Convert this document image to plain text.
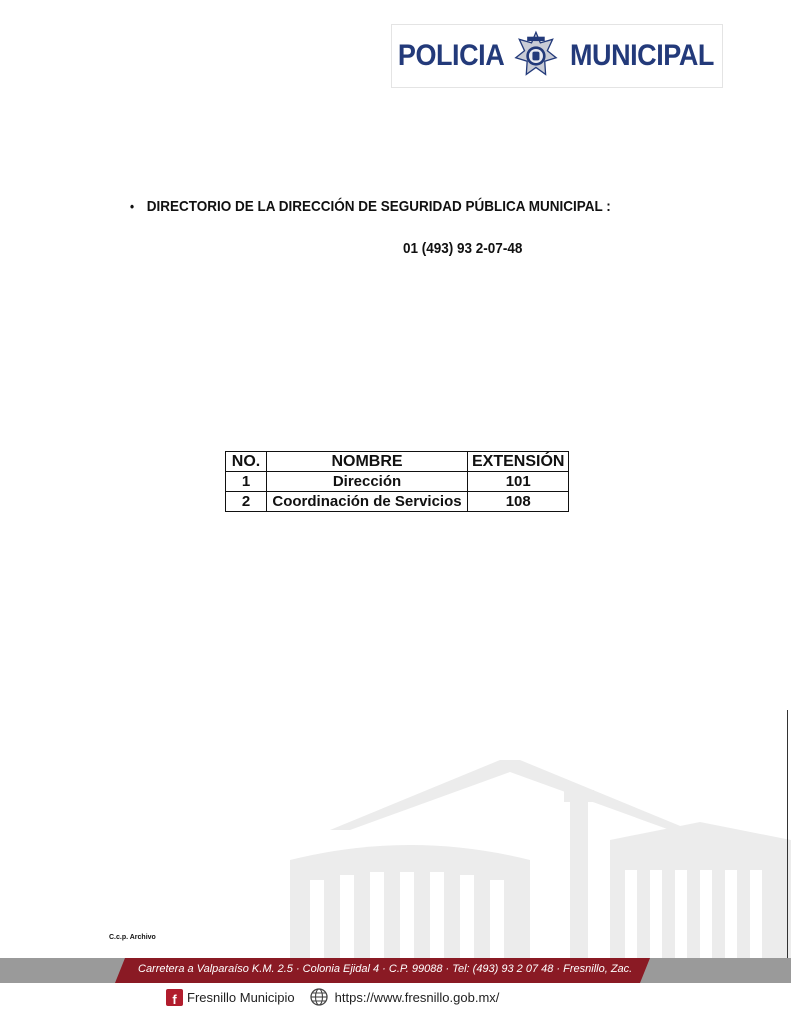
POLICIA MUNICIPAL
• DIRECTORIO DE LA DIRECCIÓN DE SEGURIDAD PÚBLICA MUNICIPAL :
01 (493) 93 2-07-48
NO.	NOMBRE	EXTENSIÓN
1	Dirección	101
2	Coordinación de Servicios	108
C.c.p. Archivo
Carretera a Valparaíso K.M. 2.5 · Colonia Ejidal 4 · C.P. 99088 · Tel: (493) 93 2 07 48 · Fresnillo, Zac.
f Fresnillo Municipio	https://www.fresnillo.gob.mx/
